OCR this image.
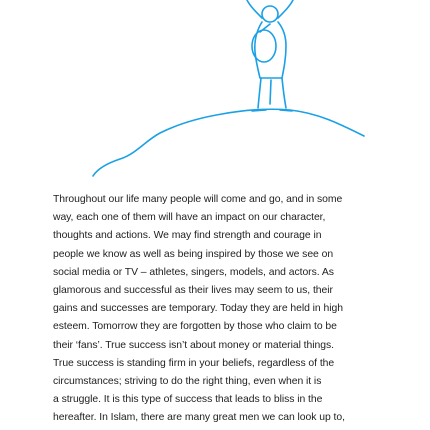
Throughout our life many people will come and go, and in some
way, each one of them will have an impact on our character,
thoughts and actions. We may find strength and courage in
people we know as well as being inspired by those we see on
social media or TV – athletes, singers, models, and actors. As
glamorous and successful as their lives may seem to us, their
gains and successes are temporary. Today they are held in high
esteem. Tomorrow they are forgotten by those who claim to be
their ‘fans’. True success isn’t about money or material things.
True success is standing firm in your beliefs, regardless of the
circumstances; striving to do the right thing, even when it is
a struggle. It is this type of success that leads to bliss in the
hereafter. In Islam, there are many great men we can look up to,
